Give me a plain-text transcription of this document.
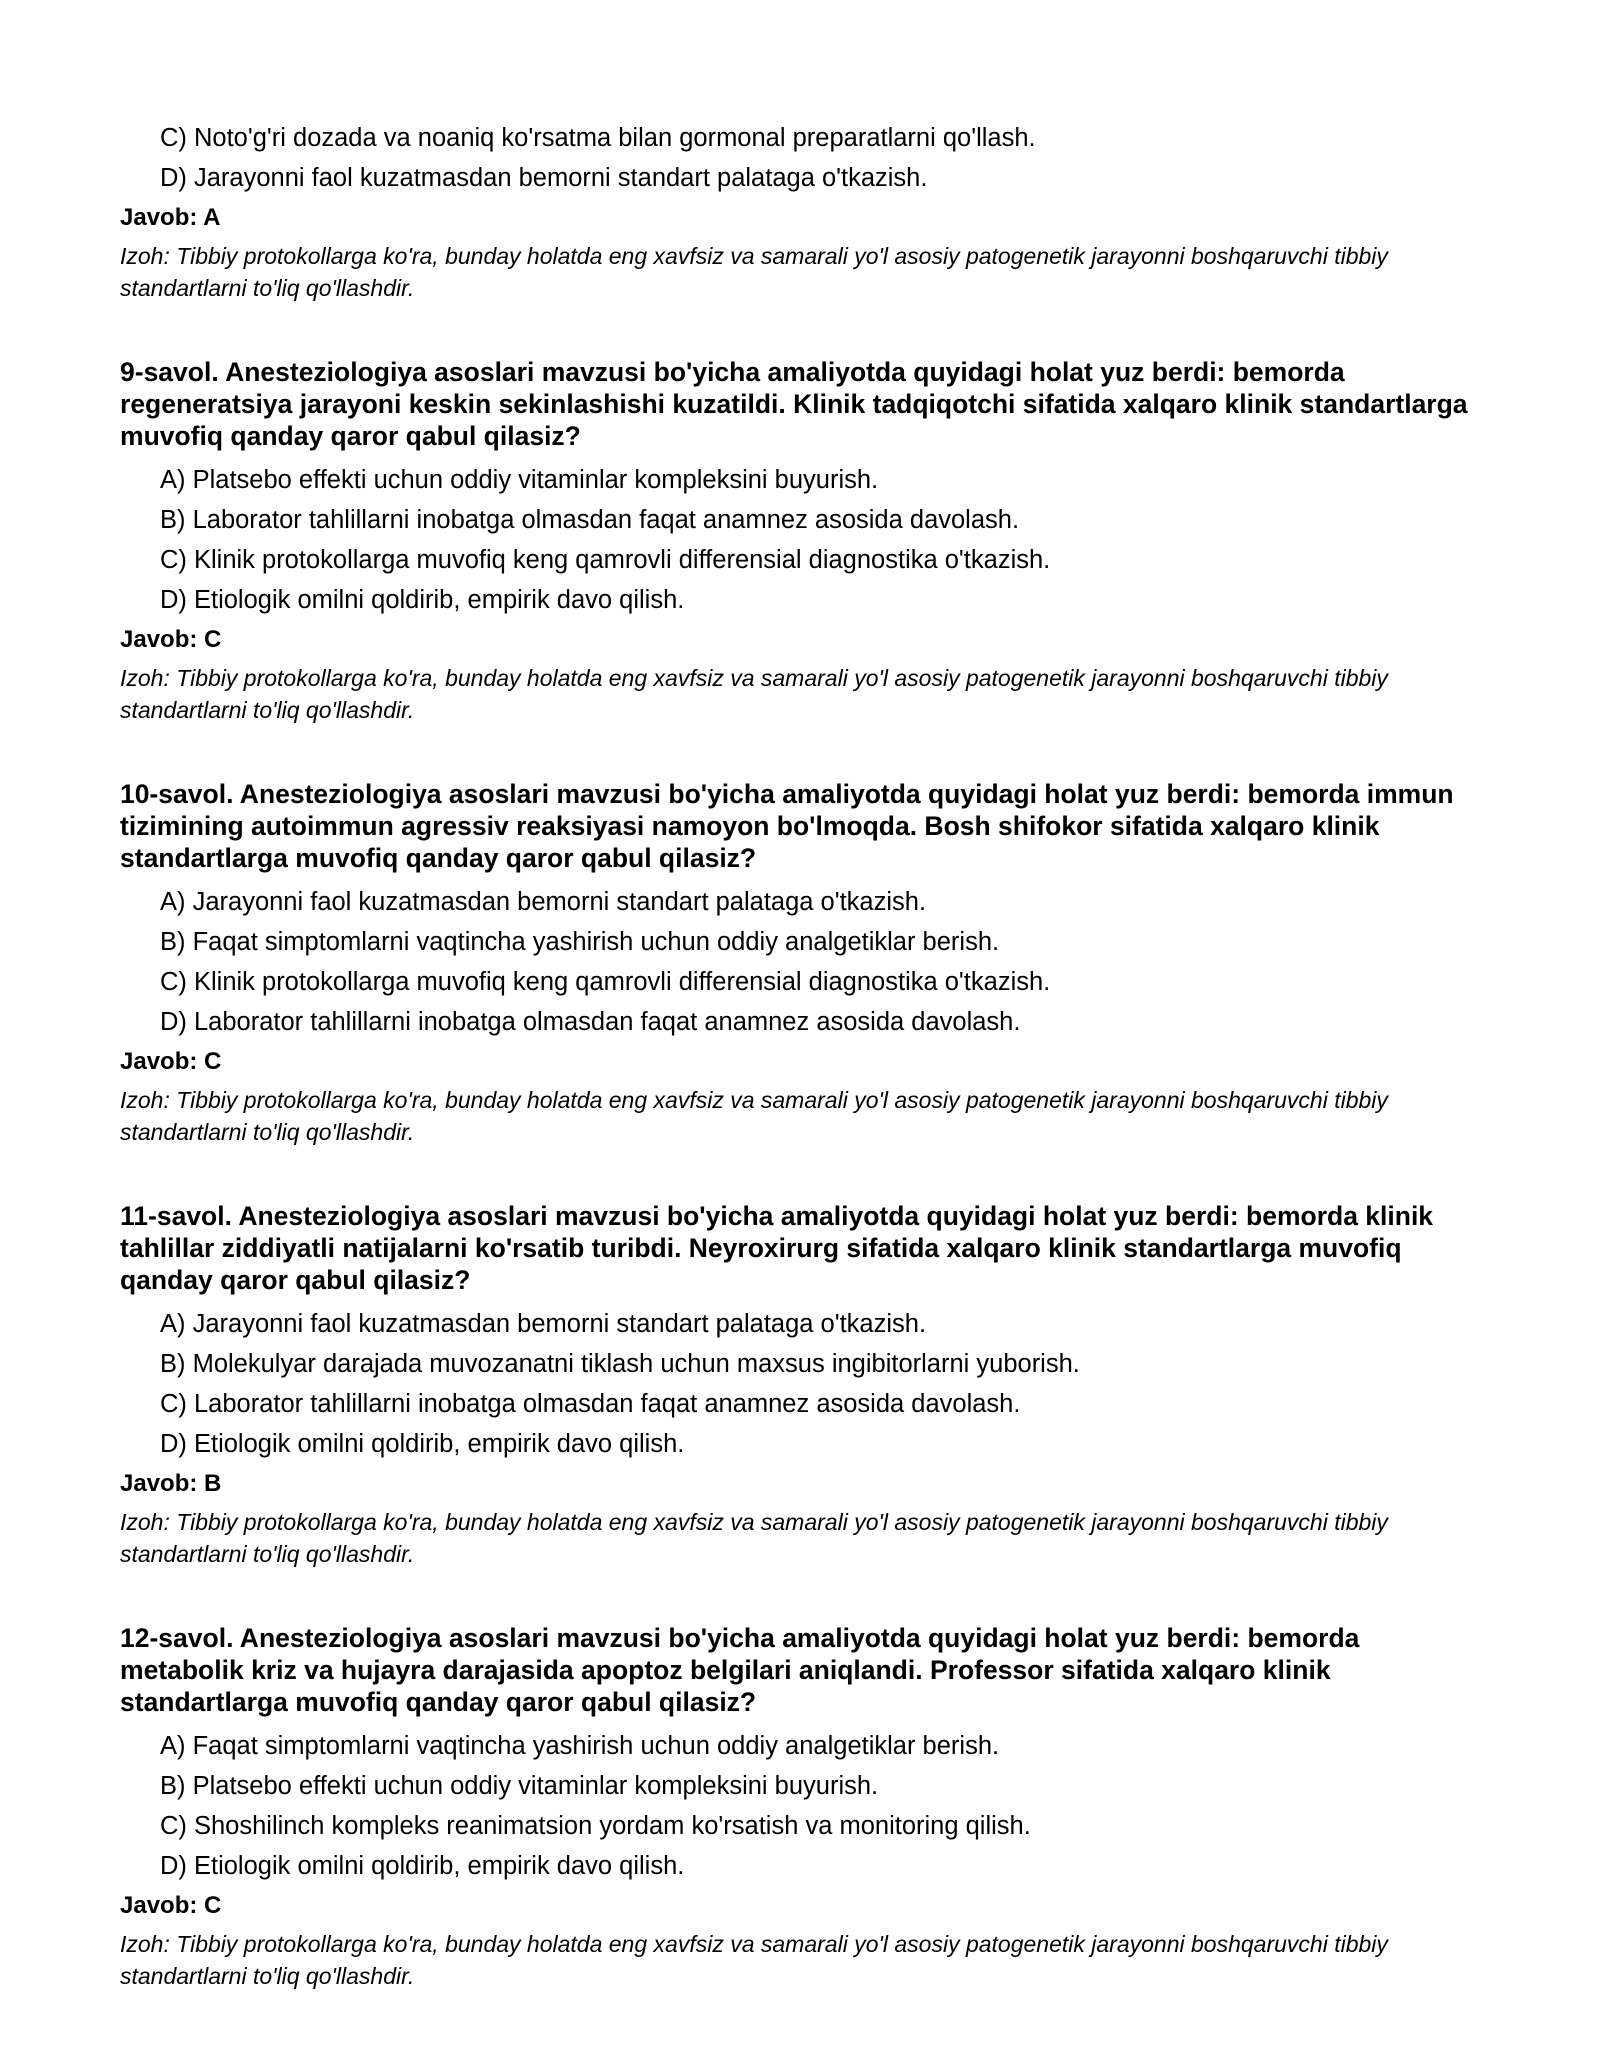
C) Noto'g'ri dozada va noaniq ko'rsatma bilan gormonal preparatlarni qo'llash.

D) Jarayonni faol kuzatmasdan bemorni standart palataga o'tkazish.

Javob: A

Izoh: Tibbiy protokollarga ko'ra, bunday holatda eng xavfsiz va samarali yo'l asosiy patogenetik jarayonni boshqaruvchi tibbiy standartlarni to'liq qo'llashdir.

9-savol. Anesteziologiya asoslari mavzusi bo'yicha amaliyotda quyidagi holat yuz berdi: bemorda regeneratsiya jarayoni keskin sekinlashishi kuzatildi. Klinik tadqiqotchi sifatida xalqaro klinik standartlarga muvofiq qanday qaror qabul qilasiz?

A) Platsebo effekti uchun oddiy vitaminlar kompleksini buyurish.

B) Laborator tahlillarni inobatga olmasdan faqat anamnez asosida davolash.

C) Klinik protokollarga muvofiq keng qamrovli differensial diagnostika o'tkazish.

D) Etiologik omilni qoldirib, empirik davo qilish.

Javob: C

Izoh: Tibbiy protokollarga ko'ra, bunday holatda eng xavfsiz va samarali yo'l asosiy patogenetik jarayonni boshqaruvchi tibbiy standartlarni to'liq qo'llashdir.

10-savol. Anesteziologiya asoslari mavzusi bo'yicha amaliyotda quyidagi holat yuz berdi: bemorda immun tizimining autoimmun agressiv reaksiyasi namoyon bo'lmoqda. Bosh shifokor sifatida xalqaro klinik standartlarga muvofiq qanday qaror qabul qilasiz?

A) Jarayonni faol kuzatmasdan bemorni standart palataga o'tkazish.

B) Faqat simptomlarni vaqtincha yashirish uchun oddiy analgetiklar berish.

C) Klinik protokollarga muvofiq keng qamrovli differensial diagnostika o'tkazish.

D) Laborator tahlillarni inobatga olmasdan faqat anamnez asosida davolash.

Javob: C

Izoh: Tibbiy protokollarga ko'ra, bunday holatda eng xavfsiz va samarali yo'l asosiy patogenetik jarayonni boshqaruvchi tibbiy standartlarni to'liq qo'llashdir.

11-savol. Anesteziologiya asoslari mavzusi bo'yicha amaliyotda quyidagi holat yuz berdi: bemorda klinik tahlillar ziddiyatli natijalarni ko'rsatib turibdi. Neyroxirurg sifatida xalqaro klinik standartlarga muvofiq qanday qaror qabul qilasiz?

A) Jarayonni faol kuzatmasdan bemorni standart palataga o'tkazish.

B) Molekulyar darajada muvozanatni tiklash uchun maxsus ingibitorlarni yuborish.

C) Laborator tahlillarni inobatga olmasdan faqat anamnez asosida davolash.

D) Etiologik omilni qoldirib, empirik davo qilish.

Javob: B

Izoh: Tibbiy protokollarga ko'ra, bunday holatda eng xavfsiz va samarali yo'l asosiy patogenetik jarayonni boshqaruvchi tibbiy standartlarni to'liq qo'llashdir.

12-savol. Anesteziologiya asoslari mavzusi bo'yicha amaliyotda quyidagi holat yuz berdi: bemorda metabolik kriz va hujayra darajasida apoptoz belgilari aniqlandi. Professor sifatida xalqaro klinik standartlarga muvofiq qanday qaror qabul qilasiz?

A) Faqat simptomlarni vaqtincha yashirish uchun oddiy analgetiklar berish.

B) Platsebo effekti uchun oddiy vitaminlar kompleksini buyurish.

C) Shoshilinch kompleks reanimatsion yordam ko'rsatish va monitoring qilish.

D) Etiologik omilni qoldirib, empirik davo qilish.

Javob: C

Izoh: Tibbiy protokollarga ko'ra, bunday holatda eng xavfsiz va samarali yo'l asosiy patogenetik jarayonni boshqaruvchi tibbiy standartlarni to'liq qo'llashdir.
